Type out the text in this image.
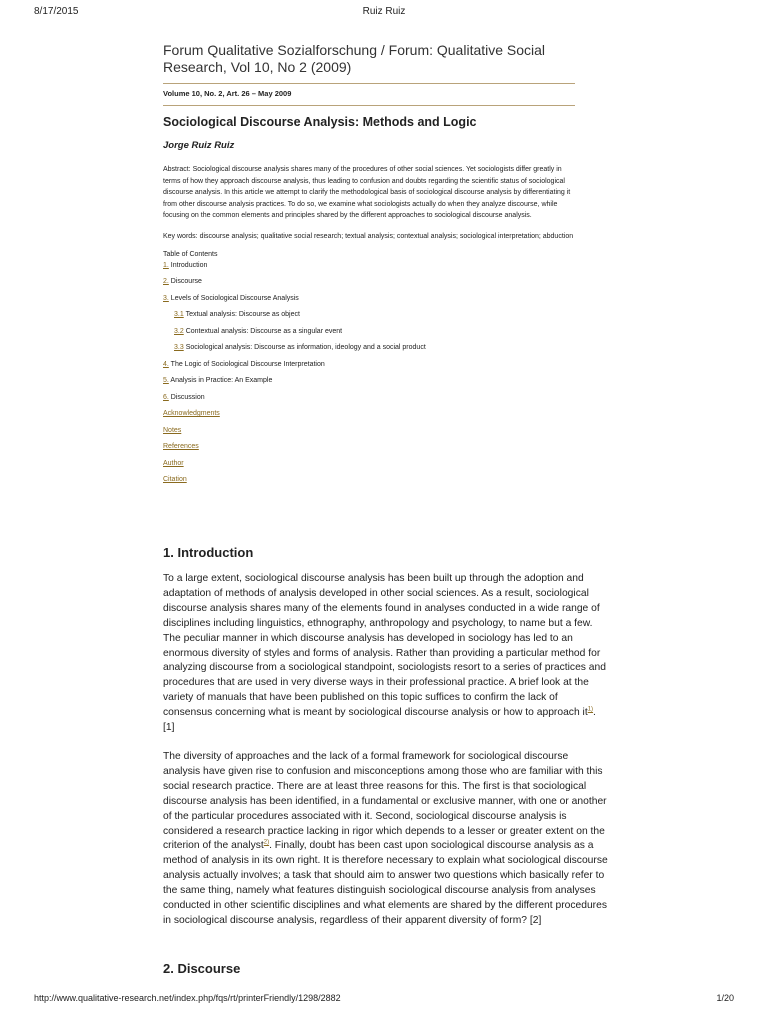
8/17/2015	Ruiz Ruiz
Forum Qualitative Sozialforschung / Forum: Qualitative Social Research, Vol 10, No 2 (2009)
Volume 10, No. 2, Art. 26 – May 2009
Sociological Discourse Analysis: Methods and Logic
Jorge Ruiz Ruiz

Abstract: Sociological discourse analysis shares many of the procedures of other social sciences. Yet sociologists differ greatly in terms of how they approach discourse analysis, thus leading to confusion and doubts regarding the scientific status of sociological discourse analysis. In this article we attempt to clarify the methodological basis of sociological discourse analysis by differentiating it from other discourse analysis practices. To do so, we examine what sociologists actually do when they analyze discourse, while focusing on the common elements and principles shared by the different approaches to sociological discourse analysis.

Key words: discourse analysis; qualitative social research; textual analysis; contextual analysis; sociological interpretation; abduction

Table of Contents
1. Introduction
2. Discourse
3. Levels of Sociological Discourse Analysis
3.1 Textual analysis: Discourse as object
3.2 Contextual analysis: Discourse as a singular event
3.3 Sociological analysis: Discourse as information, ideology and a social product
4. The Logic of Sociological Discourse Interpretation
5. Analysis in Practice: An Example
6. Discussion
Acknowledgments
Notes
References
Author
Citation
1. Introduction

To a large extent, sociological discourse analysis has been built up through the adoption and adaptation of methods of analysis developed in other social sciences. As a result, sociological discourse analysis shares many of the elements found in analyses conducted in a wide range of disciplines including linguistics, ethnography, anthropology and psychology, to name but a few. The peculiar manner in which discourse analysis has developed in sociology has led to an enormous diversity of styles and forms of analysis. Rather than providing a particular method for analyzing discourse from a sociological standpoint, sociologists resort to a series of practices and procedures that are used in very diverse ways in their professional practice. A brief look at the variety of manuals that have been published on this topic suffices to confirm the lack of consensus concerning what is meant by sociological discourse analysis or how to approach it$^{1)}$. [1]

The diversity of approaches and the lack of a formal framework for sociological discourse analysis have given rise to confusion and misconceptions among those who are familiar with this social research practice. There are at least three reasons for this. The first is that sociological discourse analysis has been identified, in a fundamental or exclusive manner, with one or another of the particular procedures associated with it. Second, sociological discourse analysis is considered a research practice lacking in rigor which depends to a lesser or greater extent on the criterion of the analyst$^{2)}$. Finally, doubt has been cast upon sociological discourse analysis as a method of analysis in its own right. It is therefore necessary to explain what sociological discourse analysis actually involves; a task that should aim to answer two questions which basically refer to the same thing, namely what features distinguish sociological discourse analysis from analyses conducted in other scientific disciplines and what elements are shared by the different procedures in sociological discourse analysis, regardless of their apparent diversity of form? [2]

2. Discourse
http://www.qualitative-research.net/index.php/fqs/rt/printerFriendly/1298/2882	1/20
